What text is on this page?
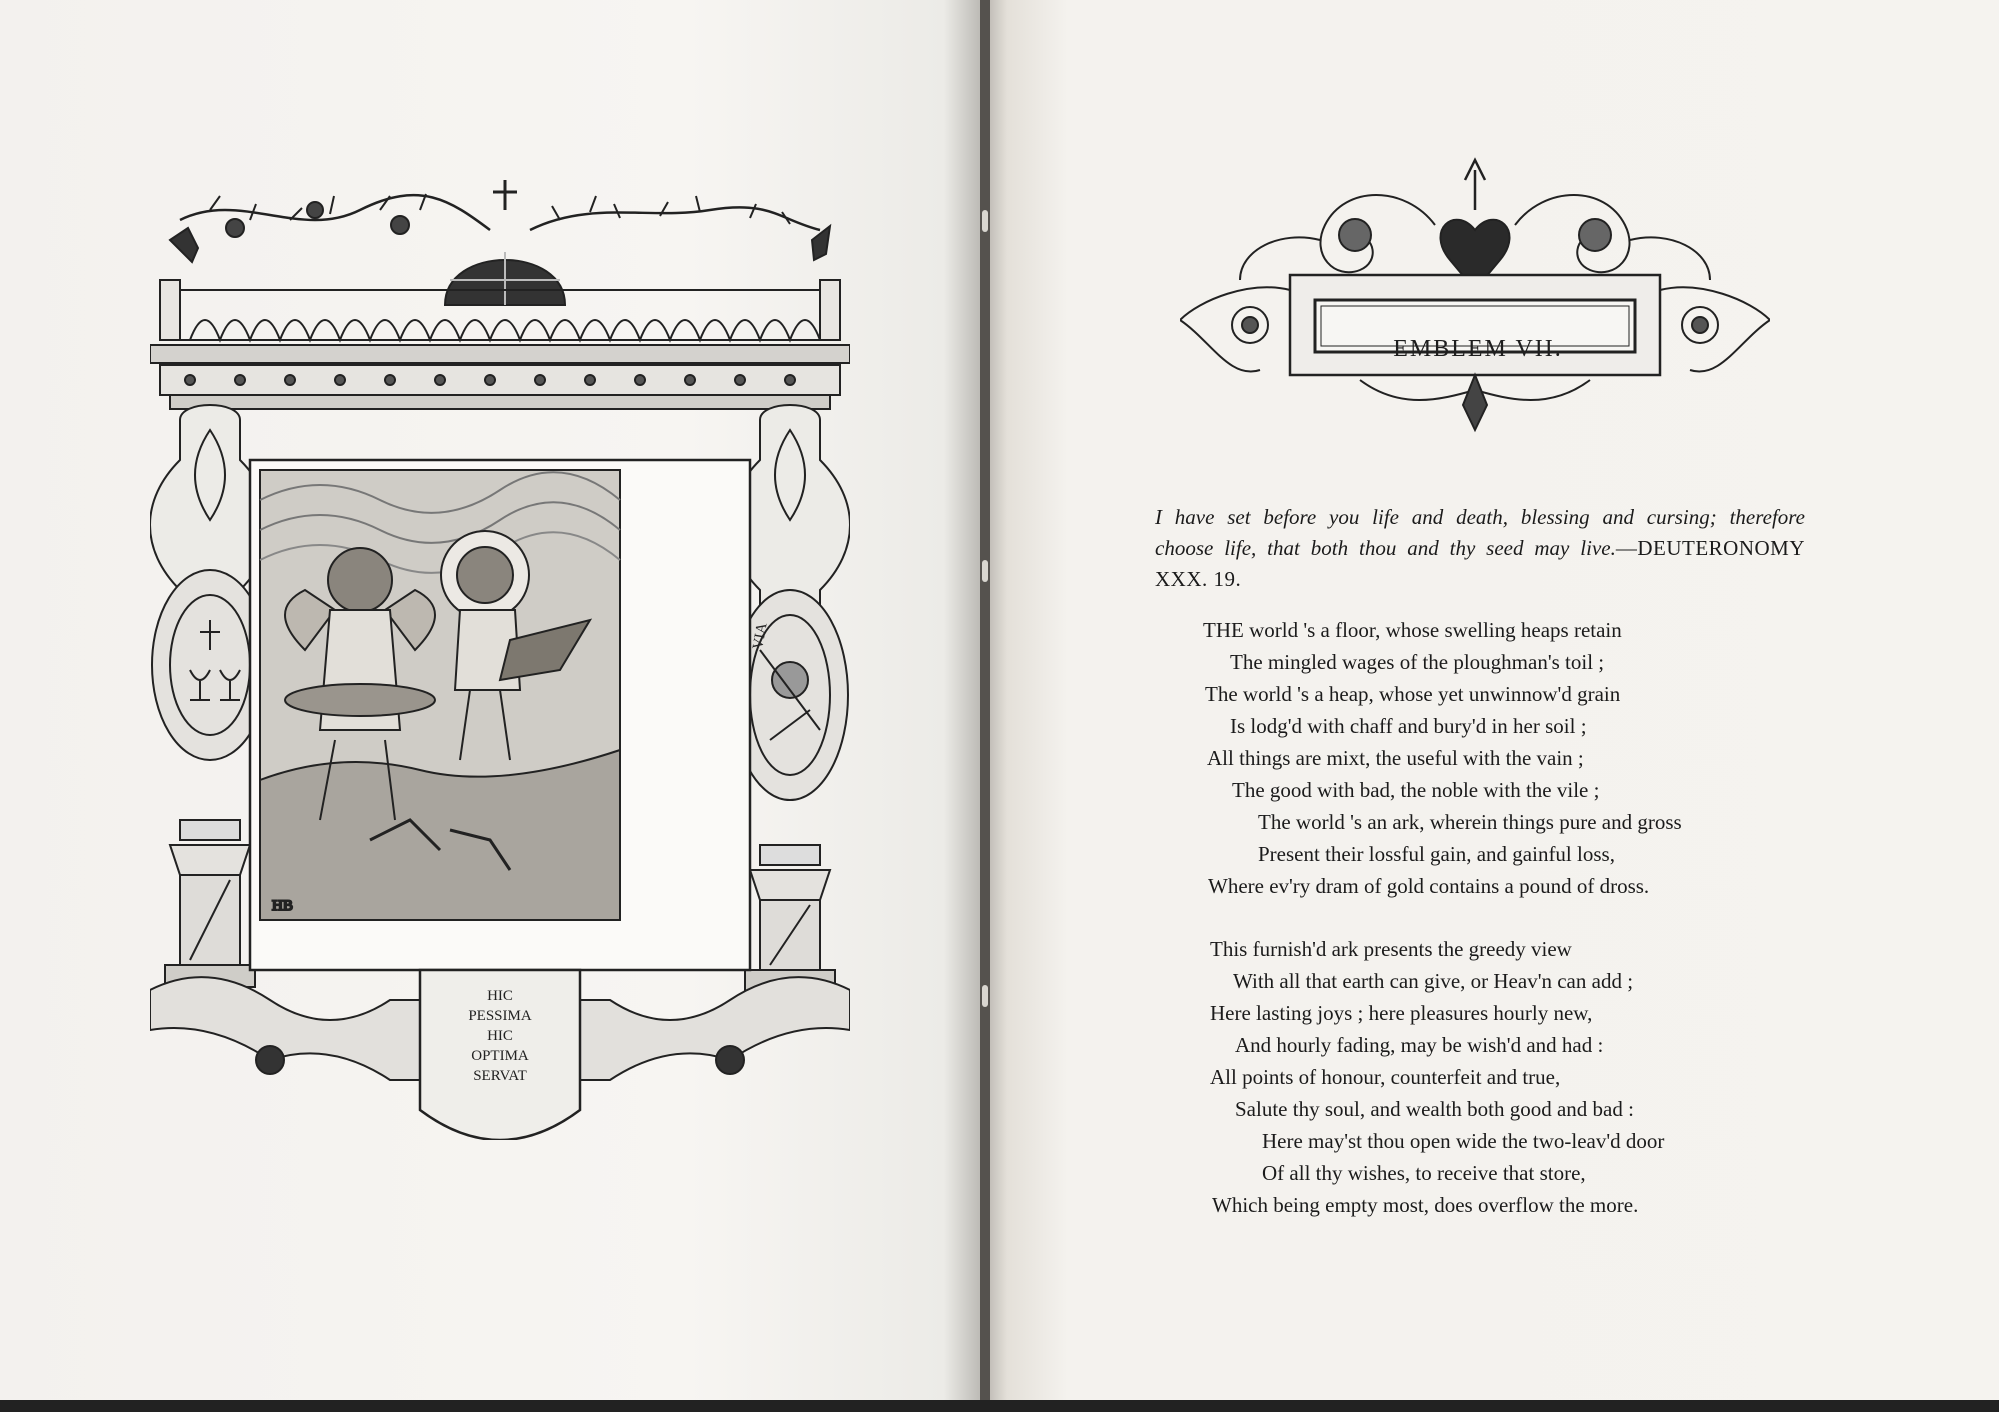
HB
HIC
PESSIMA
HIC
OPTIMA
SERVAT
VIA
EMBLEM VII.
I have set before you life and death, blessing and cursing; therefore choose life, that both thou and thy seed may live.—DEUTERONOMY XXX. 19.
THE world 's a floor, whose swelling heaps retain
The mingled wages of the ploughman's toil ;
The world 's a heap, whose yet unwinnow'd grain
Is lodg'd with chaff and bury'd in her soil ;
All things are mixt, the useful with the vain ;
The good with bad, the noble with the vile ;
The world 's an ark, wherein things pure and gross
Present their lossful gain, and gainful loss,
Where ev'ry dram of gold contains a pound of dross.
This furnish'd ark presents the greedy view
With all that earth can give, or Heav'n can add ;
Here lasting joys ; here pleasures hourly new,
And hourly fading, may be wish'd and had :
All points of honour, counterfeit and true,
Salute thy soul, and wealth both good and bad :
Here may'st thou open wide the two-leav'd door
Of all thy wishes, to receive that store,
Which being empty most, does overflow the more.
